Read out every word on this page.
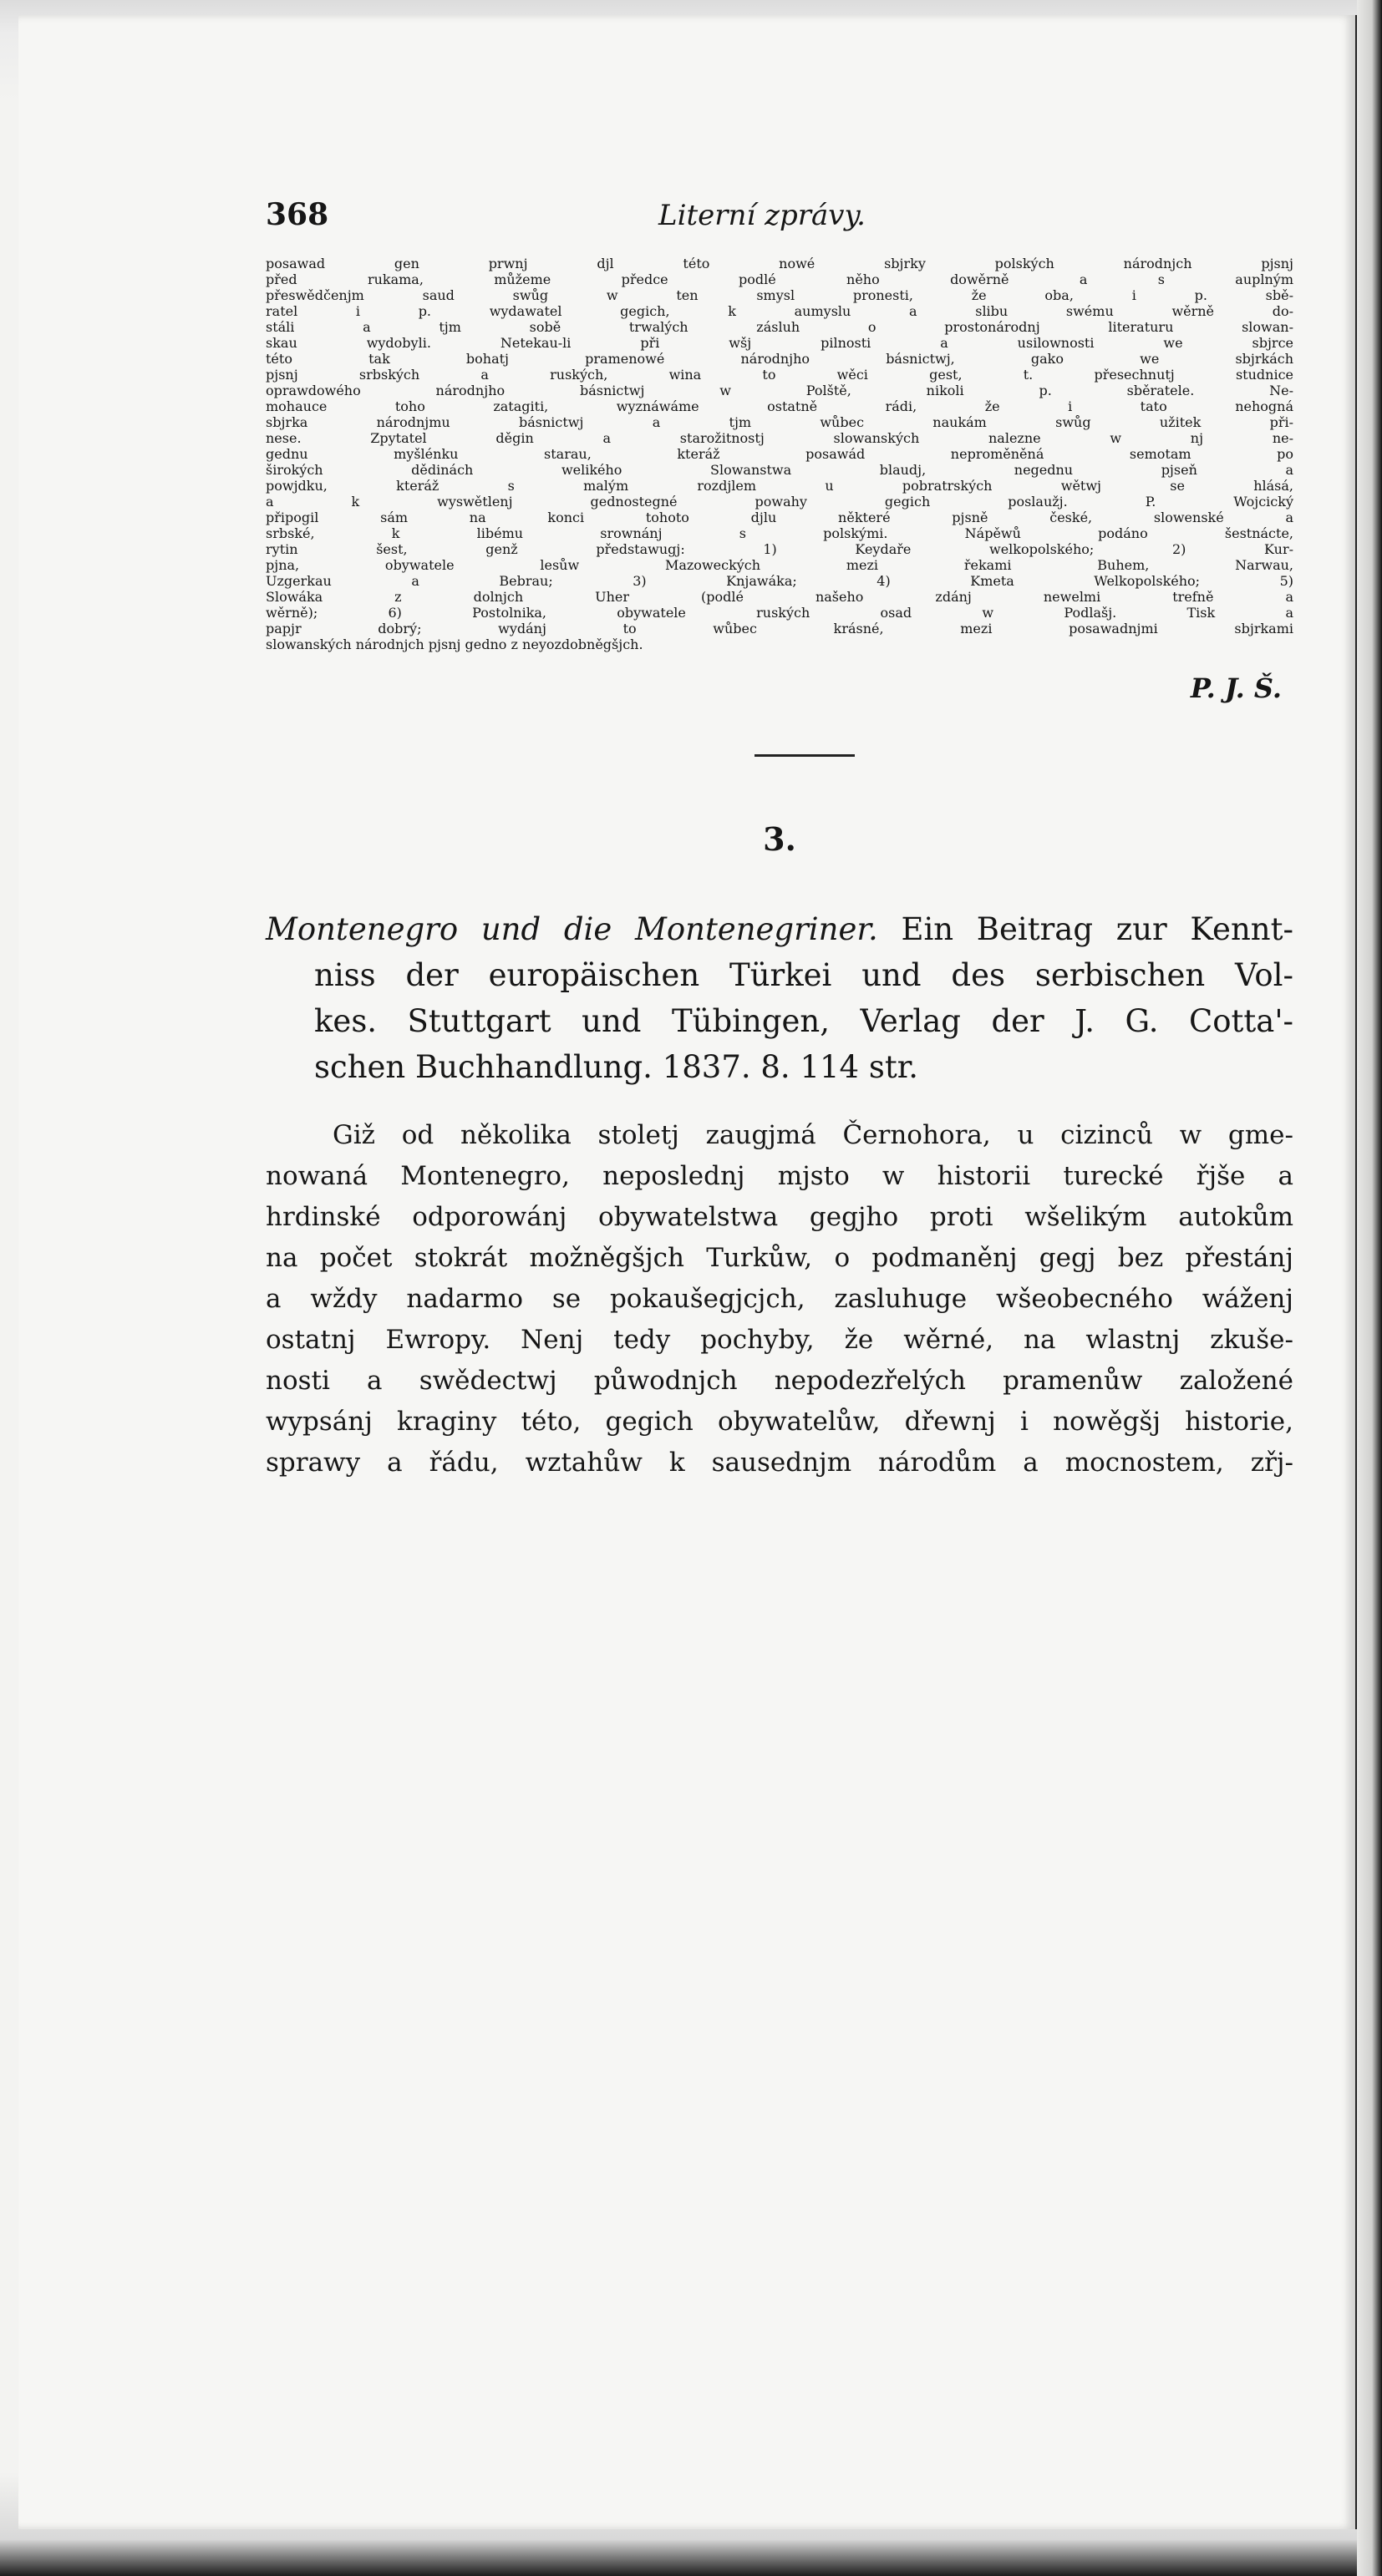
368	Literní zprávy.
posawad gen prwnj djl této nowé sbjrky polských národnjch pjsnj
před rukama, můžeme předce podlé něho dowěrně a s auplným
přeswědčenjm saud swůg w ten smysl pronesti, že oba, i p. sbě-
ratel i p. wydawatel gegich, k aumyslu a slibu swému wěrně do-
stáli a tjm sobě trwalých zásluh o prostonárodnj literaturu slowan-
skau wydobyli. Netekau-li při wšj pilnosti a usilownosti we sbjrce
této tak bohatj pramenowé národnjho básnictwj, gako we sbjrkách
pjsnj srbských a ruských, wina to wěci gest, t. přesechnutj studnice
oprawdowého národnjho básnictwj w Polště, nikoli p. sběratele. Ne-
mohauce toho zatagiti, wyznáwáme ostatně rádi, že i tato nehogná
sbjrka národnjmu básnictwj a tjm wůbec naukám swůg užitek při-
nese. Zpytatel děgin a starožitnostj slowanských nalezne w nj ne-
gednu myšlénku starau, kteráž posawád neproměněná semotam po
širokých dědinách welikého Slowanstwa blaudj, negednu pjseň a
powjdku, kteráž s malým rozdjlem u pobratrských wětwj se hlásá,
a k wyswětlenj gednostegné powahy gegich poslaužj. P. Wojcický
připogil sám na konci tohoto djlu některé pjsně české, slowenské a
srbské, k libému srownánj s polskými. Nápěwů podáno šestnácte,
rytin šest, genž předstawugj: 1) Keydaře welkopolského; 2) Kur-
pjna, obywatele lesůw Mazoweckých mezi řekami Buhem, Narwau,
Uzgerkau a Bebrau; 3) Knjawáka; 4) Kmeta Welkopolského; 5)
Slowáka z dolnjch Uher (podlé našeho zdánj newelmi trefně a
wěrně); 6) Postolnika, obywatele ruských osad w Podlašj. Tisk a
papjr dobrý; wydánj to wůbec krásné, mezi posawadnjmi sbjrkami
slowanských národnjch pjsnj gedno z neyozdobněgšjch.
P. J. Š.
3.
Montenegro und die Montenegriner. Ein Beitrag zur Kennt-
niss der europäischen Türkei und des serbischen Vol-
kes. Stuttgart und Tübingen, Verlag der J. G. Cotta'-
schen Buchhandlung. 1837. 8. 114 str.
Giž od několika stoletj zaugjmá Černohora, u cizinců w gme-
nowaná Montenegro, neposlednj mjsto w historii turecké řjše a
hrdinské odporowánj obywatelstwa gegjho proti wšelikým autokům
na počet stokrát možněgšjch Turkůw, o podmaněnj gegj bez přestánj
a wždy nadarmo se pokaušegjcjch, zasluhuge wšeobecného wáženj
ostatnj Ewropy. Nenj tedy pochyby, že wěrné, na wlastnj zkuše-
nosti a swědectwj půwodnjch nepodezřelých pramenůw založené
wypsánj kraginy této, gegich obywatelůw, dřewnj i nowěgšj historie,
sprawy a řádu, wztahůw k sausednjm národům a mocnostem, zřj-
